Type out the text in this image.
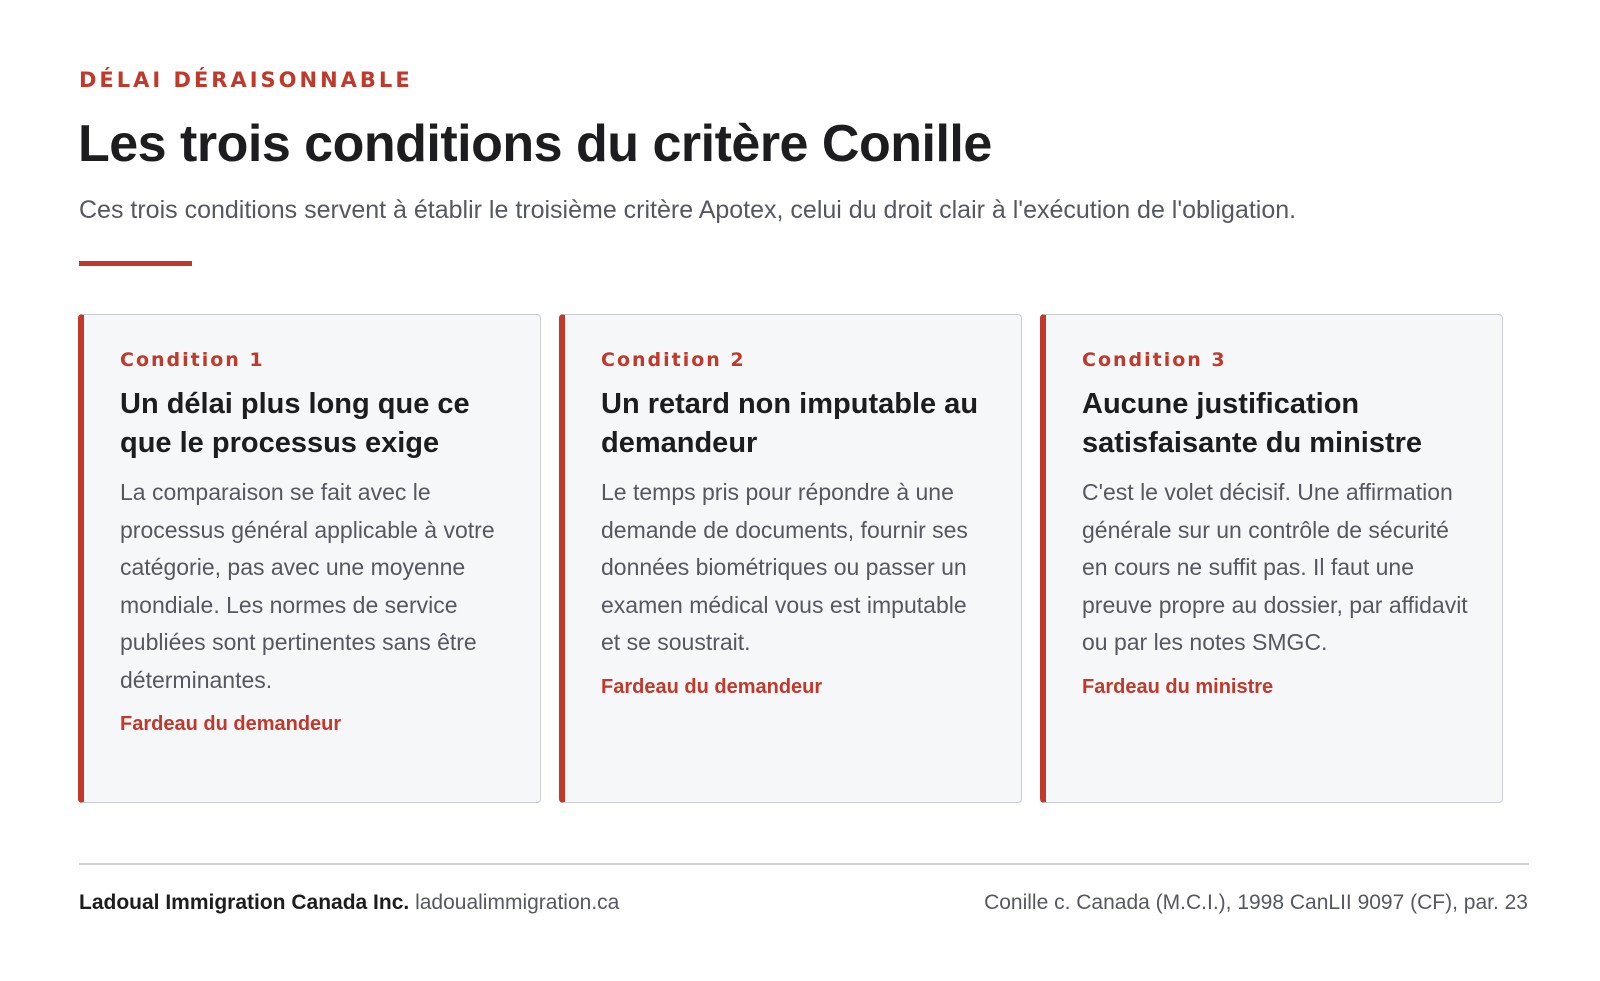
DÉLAI DÉRAISONNABLE
Les trois conditions du critère Conille

Ces trois conditions servent à établir le troisième critère Apotex, celui du droit clair à l'exécution de l'obligation.

Condition 1
Un délai plus long que ce que le processus exige
La comparaison se fait avec le processus général applicable à votre catégorie, pas avec une moyenne mondiale. Les normes de service publiées sont pertinentes sans être déterminantes.
Fardeau du demandeur
Condition 2
Un retard non imputable au demandeur
Le temps pris pour répondre à une demande de documents, fournir ses données biométriques ou passer un examen médical vous est imputable et se soustrait.
Fardeau du demandeur
Condition 3
Aucune justification satisfaisante du ministre
C'est le volet décisif. Une affirmation générale sur un contrôle de sécurité en cours ne suffit pas. Il faut une preuve propre au dossier, par affidavit ou par les notes SMGC.
Fardeau du ministre
Ladoual Immigration Canada Inc. ladoualimmigration.ca	Conille c. Canada (M.C.I.), 1998 CanLII 9097 (CF), par. 23
